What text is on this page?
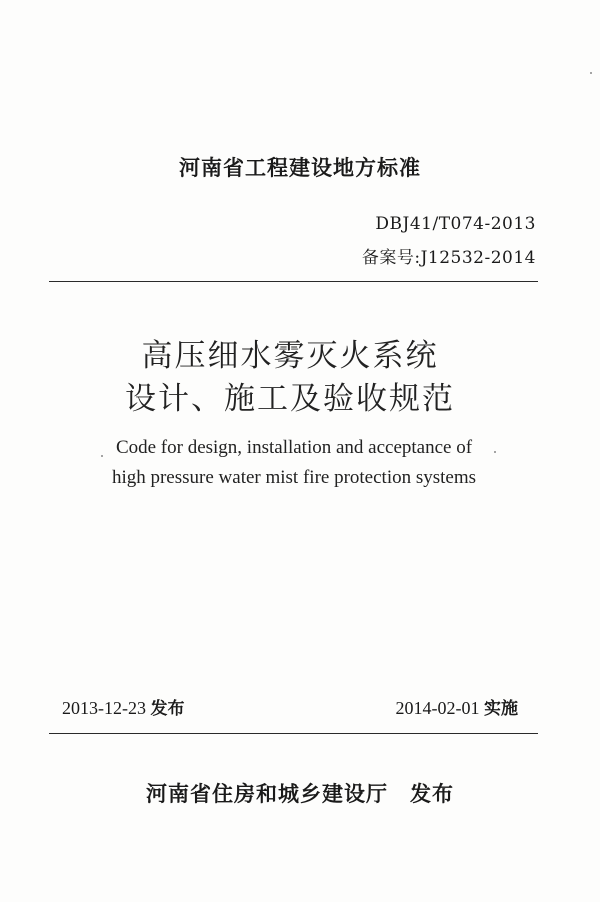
河南省工程建设地方标准
DBJ41/T074-2013
备案号:J12532-2014
高压细水雾灭火系统
设计、施工及验收规范
Code for design, installation and acceptance of
high pressure water mist fire protection systems
2013-12-23 发布	2014-02-01 实施
河南省住房和城乡建设厅 发布
